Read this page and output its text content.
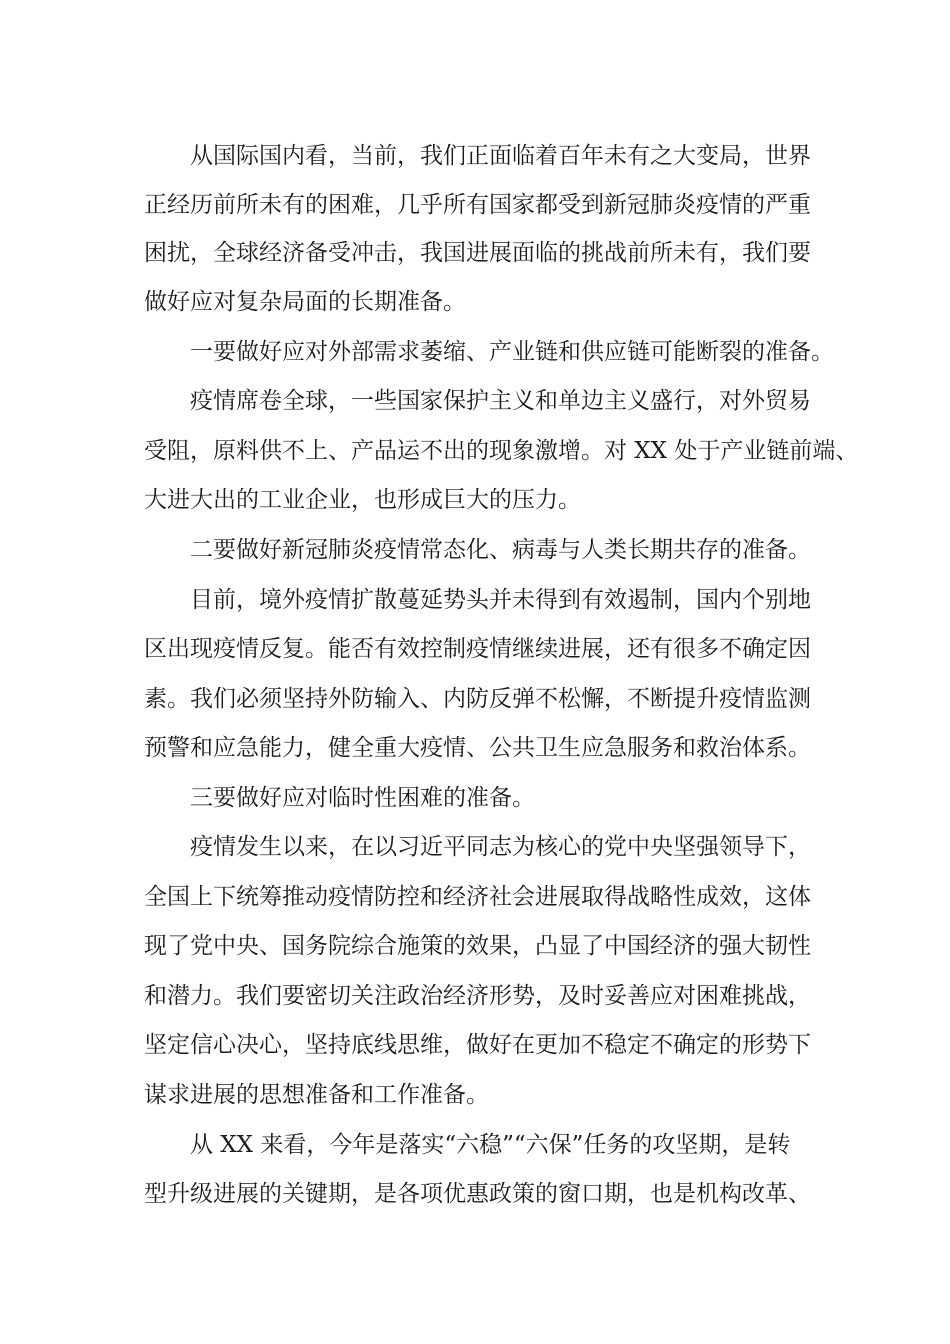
从国际国内看，当前，我们正面临着百年未有之大变局，世界
正经历前所未有的困难，几乎所有国家都受到新冠肺炎疫情的严重
困扰，全球经济备受冲击，我国进展面临的挑战前所未有，我们要
做好应对复杂局面的长期准备。
一要做好应对外部需求萎缩、产业链和供应链可能断裂的准备。
疫情席卷全球，一些国家保护主义和单边主义盛行，对外贸易
受阻，原料供不上、产品运不出的现象激增。对 XX 处于产业链前端、
大进大出的工业企业，也形成巨大的压力。
二要做好新冠肺炎疫情常态化、病毒与人类长期共存的准备。
目前，境外疫情扩散蔓延势头并未得到有效遏制，国内个别地
区出现疫情反复。能否有效控制疫情继续进展，还有很多不确定因
素。我们必须坚持外防输入、内防反弹不松懈，不断提升疫情监测
预警和应急能力，健全重大疫情、公共卫生应急服务和救治体系。
三要做好应对临时性困难的准备。
疫情发生以来，在以习近平同志为核心的党中央坚强领导下，
全国上下统筹推动疫情防控和经济社会进展取得战略性成效，这体
现了党中央、国务院综合施策的效果，凸显了中国经济的强大韧性
和潜力。我们要密切关注政治经济形势，及时妥善应对困难挑战，
坚定信心决心，坚持底线思维，做好在更加不稳定不确定的形势下
谋求进展的思想准备和工作准备。
从 XX 来看，今年是落实“六稳”“六保”任务的攻坚期，是转
型升级进展的关键期，是各项优惠政策的窗口期，也是机构改革、
